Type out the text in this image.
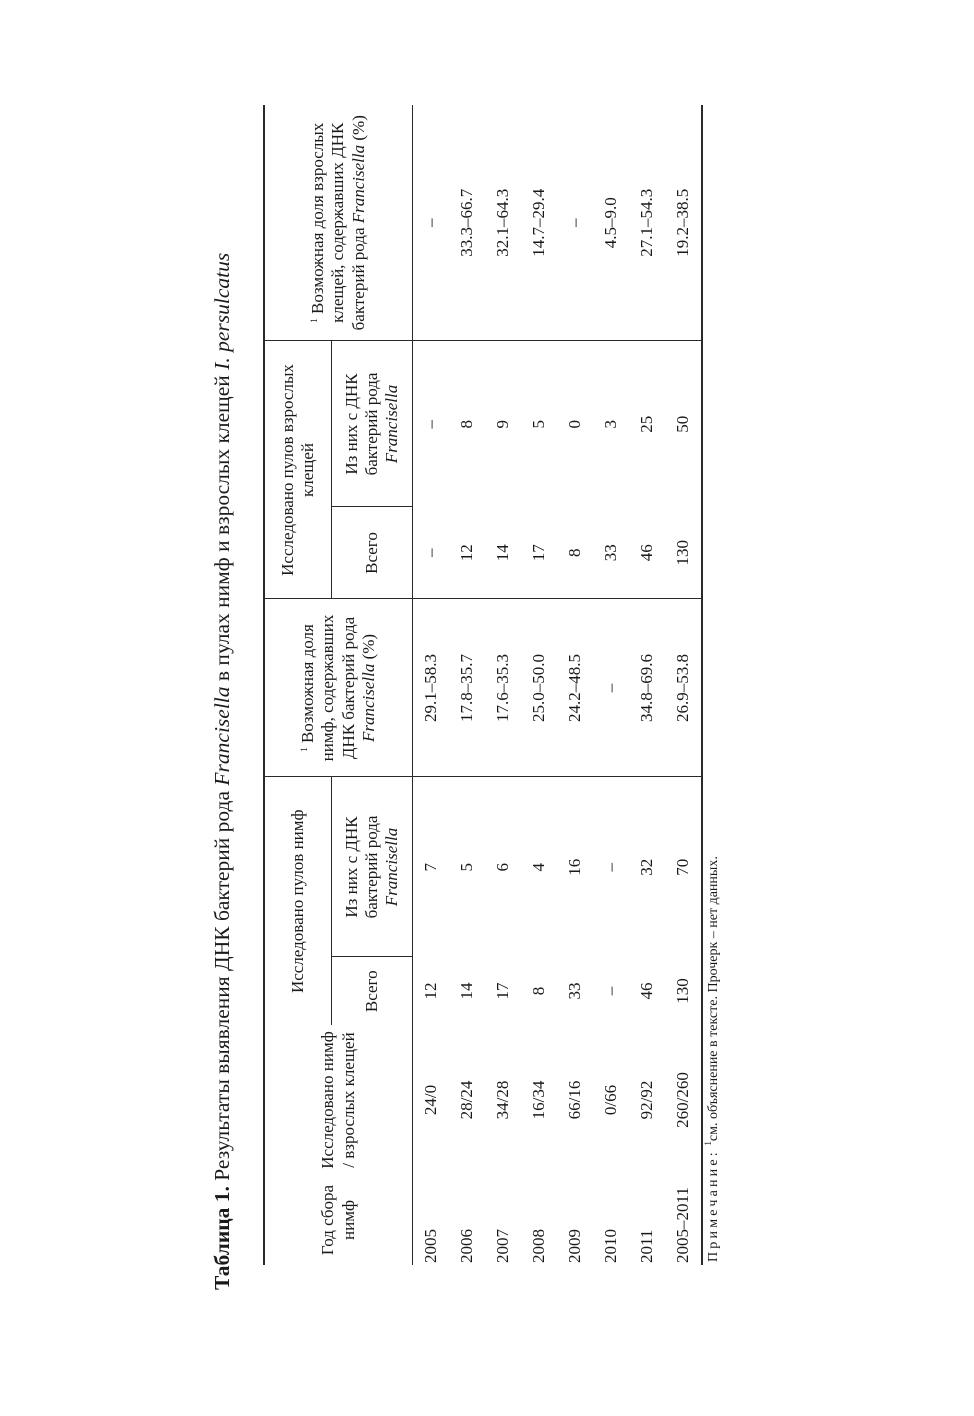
Таблица 1. Результаты выявления ДНК бактерий рода Francisella в пулах нимф и взрослых клещей I. persulcatus
Год сбора нимф	Исследовано нимф / взрослых клещей	Исследовано пулов нимф		$^1$ Возможная доля нимф, содержавших ДНК бактерий рода Francisella (%)	Исследовано пулов взрослых клещей		$^1$ Возможная доля взрослых клещей, содержавших ДНК бактерий рода Francisella (%)
		Всего	Из них с ДНК бактерий рода Francisella		Всего	Из них с ДНК бактерий рода Francisella	
2005	24/0	12	7	29.1–58.3	–	–	–
2006	28/24	14	5	17.8–35.7	12	8	33.3–66.7
2007	34/28	17	6	17.6–35.3	14	9	32.1–64.3
2008	16/34	8	4	25.0–50.0	17	5	14.7–29.4
2009	66/16	33	16	24.2–48.5	8	0	–
2010	0/66	–	–	–	33	3	4.5–9.0
2011	92/92	46	32	34.8–69.6	46	25	27.1–54.3
2005–2011	260/260	130	70	26.9–53.8	130	50	19.2–38.5
Примечание: $^1$см. объяснение в тексте. Прочерк – нет данных.
